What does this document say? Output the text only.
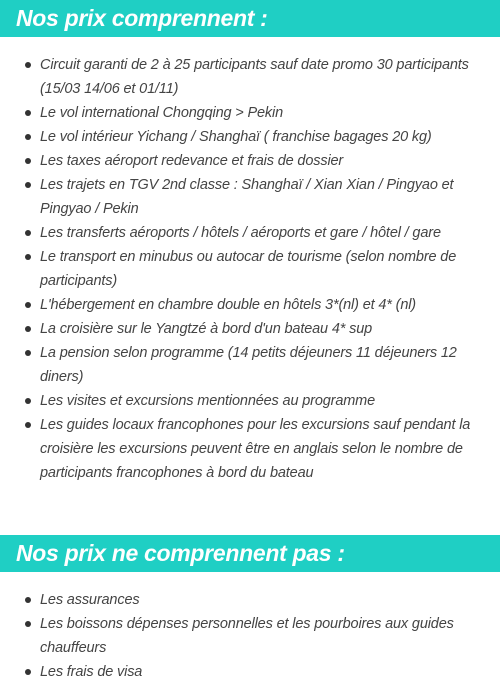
Nos prix comprennent :
Circuit garanti de 2 à 25 participants sauf date promo 30 participants (15/03 14/06 et 01/11)
Le vol international Chongqing > Pekin
Le vol intérieur Yichang / Shanghaï ( franchise bagages 20 kg)
Les taxes aéroport redevance et frais de dossier
Les trajets en TGV 2nd classe : Shanghaï / Xian Xian / Pingyao et Pingyao / Pekin
Les transferts aéroports / hôtels / aéroports et gare / hôtel / gare
Le transport en minubus ou autocar de tourisme (selon nombre de participants)
L'hébergement en chambre double en hôtels 3*(nl) et 4* (nl)
La croisière sur le Yangtzé à bord d'un bateau 4* sup
La pension selon programme (14 petits déjeuners 11 déjeuners 12 diners)
Les visites et excursions mentionnées au programme
Les guides locaux francophones pour les excursions sauf pendant la croisière les excursions peuvent être en anglais selon le nombre de participants francophones à bord du bateau
Nos prix ne comprennent pas :
Les assurances
Les boissons dépenses personnelles et les pourboires aux guides chauffeurs
Les frais de visa
